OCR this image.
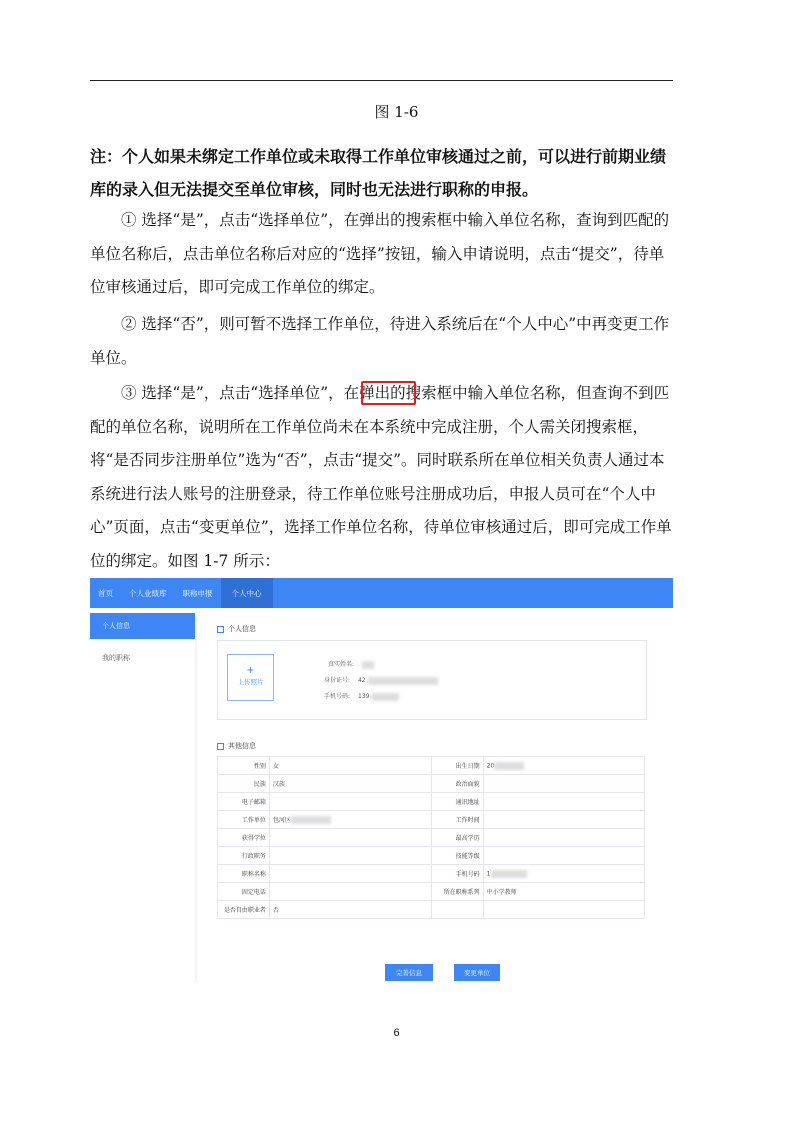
图 1-6
注：个人如果未绑定工作单位或未取得工作单位审核通过之前，可以进行前期业绩库的录入但无法提交至单位审核，同时也无法进行职称的申报。
① 选择“是”，点击“选择单位”，在弹出的搜索框中输入单位名称，查询到匹配的单位名称后，点击单位名称后对应的“选择”按钮，输入申请说明，点击“提交”，待单位审核通过后，即可完成工作单位的绑定。
② 选择“否”，则可暂不选择工作单位，待进入系统后在“个人中心”中再变更工作单位。
③ 选择“是”，点击“选择单位”，在弹出的搜索框中输入单位名称，但查询不到匹配的单位名称，说明所在工作单位尚未在本系统中完成注册，个人需关闭搜索框，将“是否同步注册单位”选为“否”，点击“提交”。同时联系所在单位相关负责人通过本系统进行法人账号的注册登录，待工作单位账号注册成功后，申报人员可在“个人中心”页面，点击“变更单位”，选择工作单位名称，待单位审核通过后，即可完成工作单位的绑定。如图 1-7 所示：
首页	个人业绩库	职称申报	个人中心
个人信息
我的职称
个人信息
+
上传照片
真实姓名:
身份证号: 42
手机号码: 139
其他信息
性别	女	出生日期	20
民族	汉族	政治面貌	
电子邮箱		通讯地址	
工作单位	包河区	工作时间	
获得学位		最高学历	
行政职务		技能等级	
职称名称		手机号码	1
固定电话		所在职称系列	中小学教师
是否自由职业者	否		
完善信息	变更单位
6
